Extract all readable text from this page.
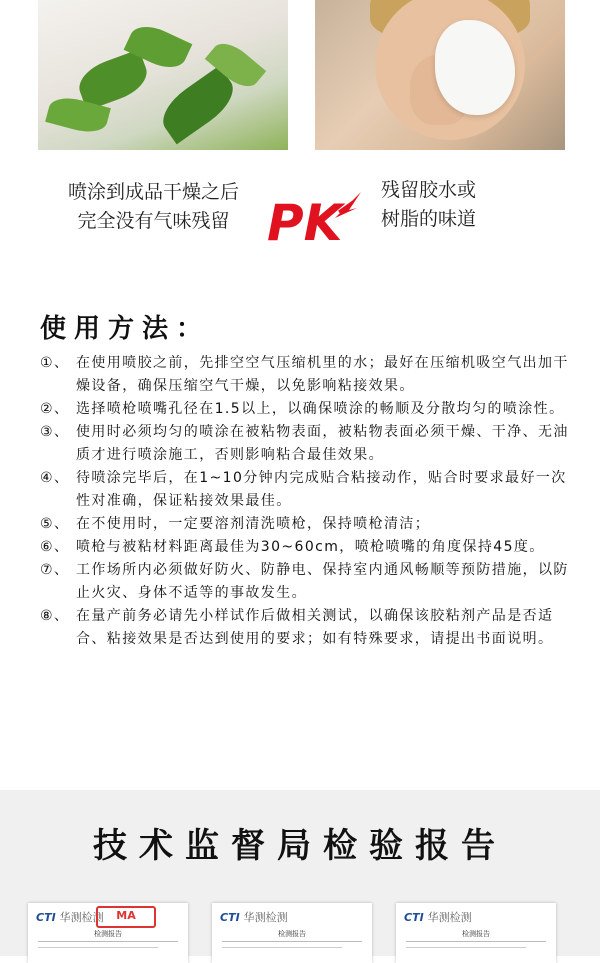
喷涂到成品干燥之后
完全没有气味残留 PK
残留胶水或
树脂的味道
使用方法：
①、 在使用喷胶之前，先排空空气压缩机里的水；最好在压缩机吸空气出加干燥设备，确保压缩空气干燥，以免影响粘接效果。
②、 选择喷枪喷嘴孔径在1.5以上，以确保喷涂的畅顺及分散均匀的喷涂性。
③、 使用时必须均匀的喷涂在被粘物表面，被粘物表面必须干燥、干净、无油质才进行喷涂施工，否则影响粘合最佳效果。
④、 待喷涂完毕后，在1~10分钟内完成贴合粘接动作，贴合时要求最好一次性对准确，保证粘接效果最佳。
⑤、 在不使用时，一定要溶剂清洗喷枪，保持喷枪清洁；
⑥、 喷枪与被粘材料距离最佳为30~60cm，喷枪喷嘴的角度保持45度。
⑦、 工作场所内必须做好防火、防静电、保持室内通风畅顺等预防措施，以防止火灾、身体不适等的事故发生。
⑧、 在量产前务必请先小样试作后做相关测试，以确保该胶粘剂产品是否适合、粘接效果是否达到使用的要求；如有特殊要求，请提出书面说明。
技术监督局检验报告
CTI 华测检测	MA
检测报告
CTI 华测检测
检测报告
CTI 华测检测
检测报告
